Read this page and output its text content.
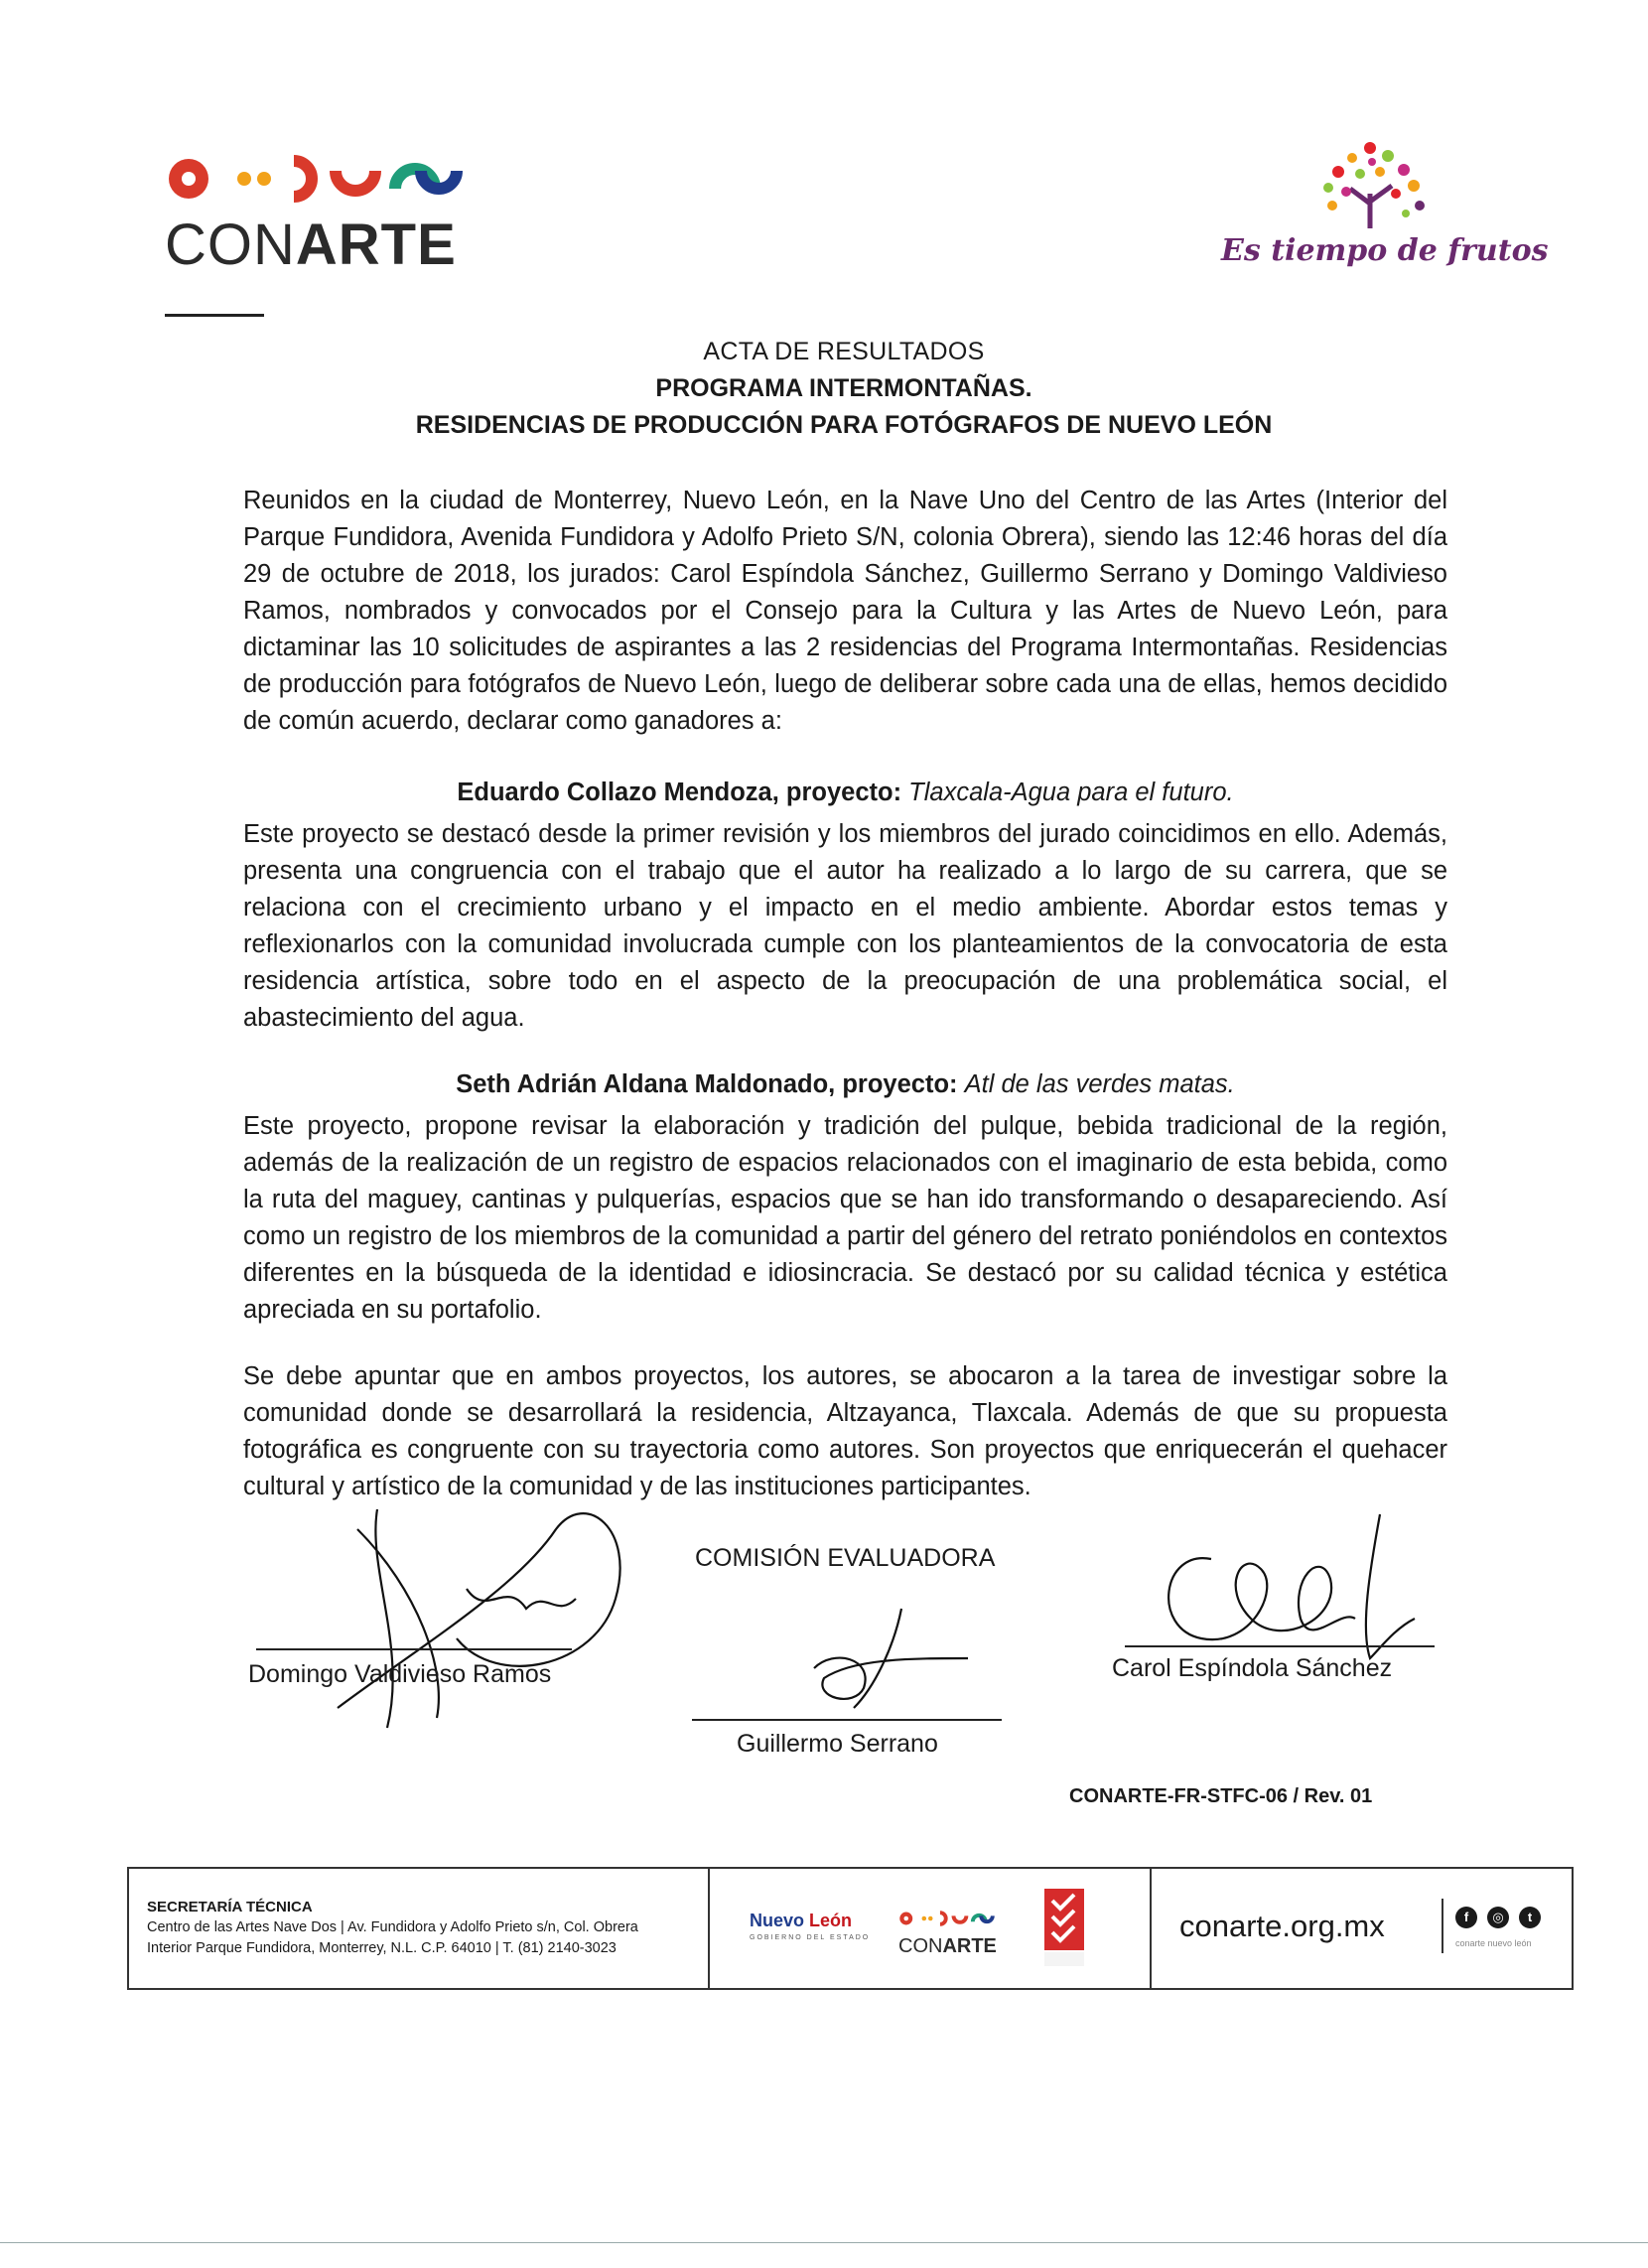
CONARTE	Es tiempo de frutos
ACTA DE RESULTADOS
PROGRAMA INTERMONTAÑAS.
RESIDENCIAS DE PRODUCCIÓN PARA FOTÓGRAFOS DE NUEVO LEÓN
Reunidos en la ciudad de Monterrey, Nuevo León, en la Nave Uno del Centro de las Artes (Interior del Parque Fundidora, Avenida Fundidora y Adolfo Prieto S/N, colonia Obrera), siendo las 12:46 horas del día 29 de octubre de 2018, los jurados: Carol Espíndola Sánchez, Guillermo Serrano y Domingo Valdivieso Ramos, nombrados y convocados por el Consejo para la Cultura y las Artes de Nuevo León, para dictaminar las 10 solicitudes de aspirantes a las 2 residencias del Programa Intermontañas. Residencias de producción para fotógrafos de Nuevo León, luego de deliberar sobre cada una de ellas, hemos decidido de común acuerdo, declarar como ganadores a:
Eduardo Collazo Mendoza, proyecto: Tlaxcala-Agua para el futuro.
Este proyecto se destacó desde la primer revisión y los miembros del jurado coincidimos en ello. Además, presenta una congruencia con el trabajo que el autor ha realizado a lo largo de su carrera, que se relaciona con el crecimiento urbano y el impacto en el medio ambiente. Abordar estos temas y reflexionarlos con la comunidad involucrada cumple con los planteamientos de la convocatoria de esta residencia artística, sobre todo en el aspecto de la preocupación de una problemática social, el abastecimiento del agua.
Seth Adrián Aldana Maldonado, proyecto: Atl de las verdes matas.
Este proyecto, propone revisar la elaboración y tradición del pulque, bebida tradicional de la región, además de la realización de un registro de espacios relacionados con el imaginario de esta bebida, como la ruta del maguey, cantinas y pulquerías, espacios que se han ido transformando o desapareciendo. Así como un registro de los miembros de la comunidad a partir del género del retrato poniéndolos en contextos diferentes en la búsqueda de la identidad e idiosincracia. Se destacó por su calidad técnica y estética apreciada en su portafolio.
Se debe apuntar que en ambos proyectos, los autores, se abocaron a la tarea de investigar sobre la comunidad donde se desarrollará la residencia, Altzayanca, Tlaxcala. Además de que su propuesta fotográfica es congruente con su trayectoria como autores. Son proyectos que enriquecerán el quehacer cultural y artístico de la comunidad y de las instituciones participantes.
COMISIÓN EVALUADORA
Domingo Valdivieso Ramos
Guillermo Serrano
Carol Espíndola Sánchez
CONARTE-FR-STFC-06 / Rev. 01
SECRETARÍA TÉCNICA
Centro de las Artes Nave Dos | Av. Fundidora y Adolfo Prieto s/n, Col. Obrera
Interior Parque Fundidora, Monterrey, N.L. C.P. 64010 | T. (81) 2140-3023
Nuevo León
GOBIERNO DEL ESTADO CONARTE
conarte.org.mx	f	◎	t
conarte nuevo león
